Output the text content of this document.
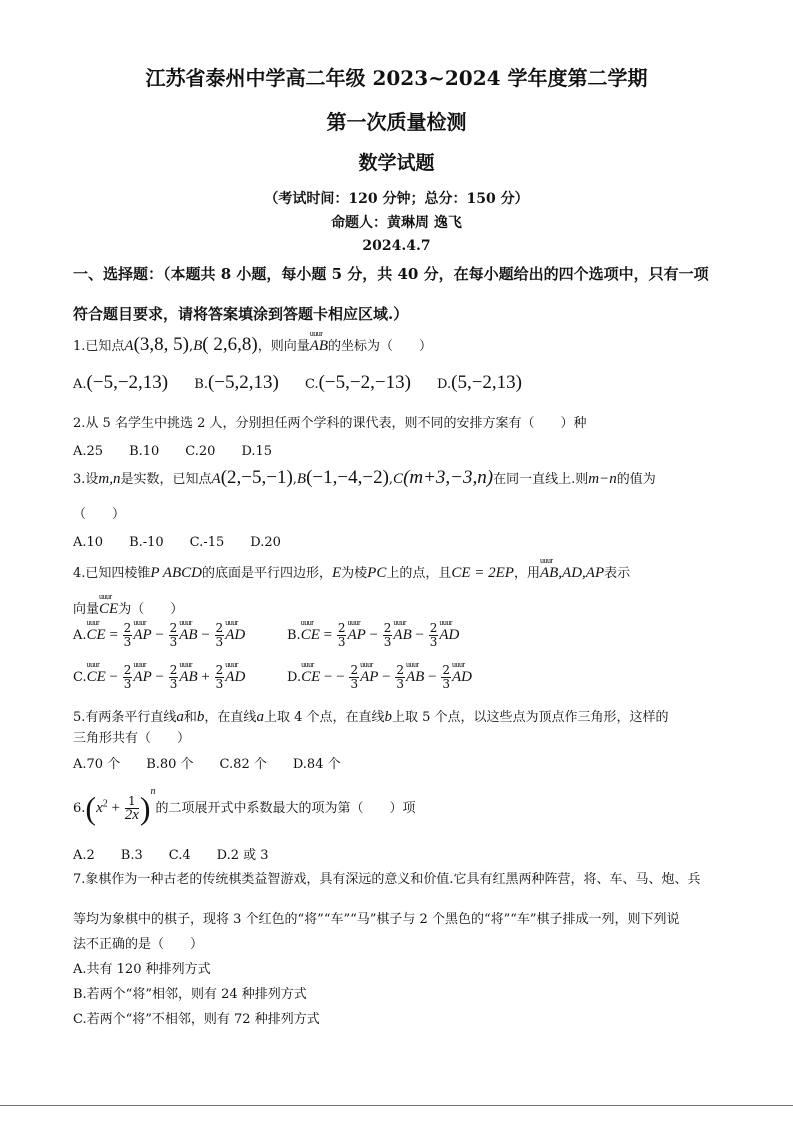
江苏省泰州中学高二年级 2023~2024 学年度第二学期
第一次质量检测
数学试题
（考试时间：120 分钟；总分：150 分）
命题人：黄琳周 逸飞
2024.4.7
一、选择题：（本题共 8 小题，每小题 5 分，共 40 分，在每小题给出的四个选项中，只有一项
符合题目要求，请将答案填涂到答题卡相应区域.）
1.已知点A(3,8, 5),B( 2,6,8)，则向量uuur AB的坐标为（　　）
A.(−5,−2,13) B.(−5,2,13) C.(−5,−2,−13) D.(5,−2,13)
2.从 5 名学生中挑选 2 人，分别担任两个学科的课代表，则不同的安排方案有（　　）种
A.25　　B.10　　C.20　　D.15
3.设m,n是实数，已知点A(2,−5,−1),B(−1,−4,−2),C(m+3,−3,n)在同一直线上.则m−n的值为
（　　）
A.10　　B.-10　　C.-15　　D.20
4.已知四棱锥P ABCD的底面是平行四边形，E为棱PC上的点，且CE = 2EP，用uuur AB,AD,AP表示
向量uuur CE为（　　）
A.uuur CE = $\frac{2}{3}$ uuur AP − $\frac{2}{3}$ uuur AB − $\frac{2}{3}$ uuur AD	B.uuur CE = $\frac{2}{3}$ uuur AP − $\frac{2}{3}$ uuur AB − $\frac{2}{3}$ uuur AD
C.uuur CE − $\frac{2}{3}$ uuur AP − $\frac{2}{3}$ uuur AB + $\frac{2}{3}$ uuur AD	D.uuur CE − − $\frac{2}{3}$ uuur AP − $\frac{2}{3}$ uuur AB − $\frac{2}{3}$ uuur AD
5.有两条平行直线a和b，在直线a上取 4 个点，在直线b上取 5 个点，以这些点为顶点作三角形，这样的
三角形共有（　　）
A.70 个　　B.80 个　　C.82 个　　D.84 个
$6.(x^2 + \frac{1}{2x} )^n$的二项展开式中系数最大的项为第（　　）项
A.2　　B.3　　C.4　　D.2 或 3
7.象棋作为一种古老的传统棋类益智游戏，具有深远的意义和价值.它具有红黑两种阵营，将、车、马、炮、兵
等均为象棋中的棋子，现将 3 个红色的“将”“车”“马”棋子与 2 个黑色的“将”“车”棋子排成一列，则下列说
法不正确的是（　　）
A.共有 120 种排列方式
B.若两个“将”相邻，则有 24 种排列方式
C.若两个“将”不相邻，则有 72 种排列方式
